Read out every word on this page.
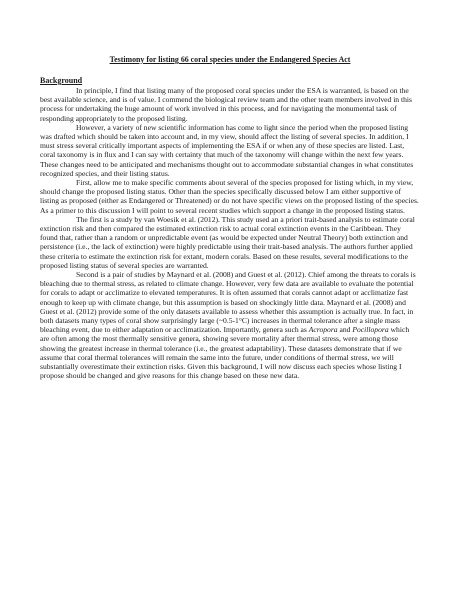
Testimony for listing 66 coral species under the Endangered Species Act
Background

In principle, I find that listing many of the proposed coral species under the ESA is warranted, is based on the best available science, and is of value. I commend the biological review team and the other team members involved in this process for undertaking the huge amount of work involved in this process, and for navigating the monumental task of responding appropriately to the proposed listing.

However, a variety of new scientific information has come to light since the period when the proposed listing was drafted which should be taken into account and, in my view, should affect the listing of several species. In addition, I must stress several critically important aspects of implementing the ESA if or when any of these species are listed. Last, coral taxonomy is in flux and I can say with certainty that much of the taxonomy will change within the next few years. These changes need to be anticipated and mechanisms thought out to accommodate substantial changes in what constitutes recognized species, and their listing status.

First, allow me to make specific comments about several of the species proposed for listing which, in my view, should change the proposed listing status. Other than the species specifically discussed below I am either supportive of listing as proposed (either as Endangered or Threatened) or do not have specific views on the proposed listing of the species. As a primer to this discussion I will point to several recent studies which support a change in the proposed listing status.

The first is a study by van Woesik et al. (2012). This study used an a priori trait-based analysis to estimate coral extinction risk and then compared the estimated extinction risk to actual coral extinction events in the Caribbean. They found that, rather than a random or unpredictable event (as would be expected under Neutral Theory) both extinction and persistence (i.e., the lack of extinction) were highly predictable using their trait-based analysis. The authors further applied these criteria to estimate the extinction risk for extant, modern corals. Based on these results, several modifications to the proposed listing status of several species are warranted.

Second is a pair of studies by Maynard et al. (2008) and Guest et al. (2012). Chief among the threats to corals is bleaching due to thermal stress, as related to climate change. However, very few data are available to evaluate the potential for corals to adapt or acclimatize to elevated temperatures. It is often assumed that corals cannot adapt or acclimatize fast enough to keep up with climate change, but this assumption is based on shockingly little data. Maynard et al. (2008) and Guest et al. (2012) provide some of the only datasets available to assess whether this assumption is actually true. In fact, in both datasets many types of coral show surprisingly large (~0.5-1°C) increases in thermal tolerance after a single mass bleaching event, due to either adaptation or acclimatization. Importantly, genera such as Acropora and Pocillopora which are often among the most thermally sensitive genera, showing severe mortality after thermal stress, were among those showing the greatest increase in thermal tolerance (i.e., the greatest adaptability). These datasets demonstrate that if we assume that coral thermal tolerances will remain the same into the future, under conditions of thermal stress, we will substantially overestimate their extinction risks. Given this background, I will now discuss each species whose listing I propose should be changed and give reasons for this change based on these new data.
